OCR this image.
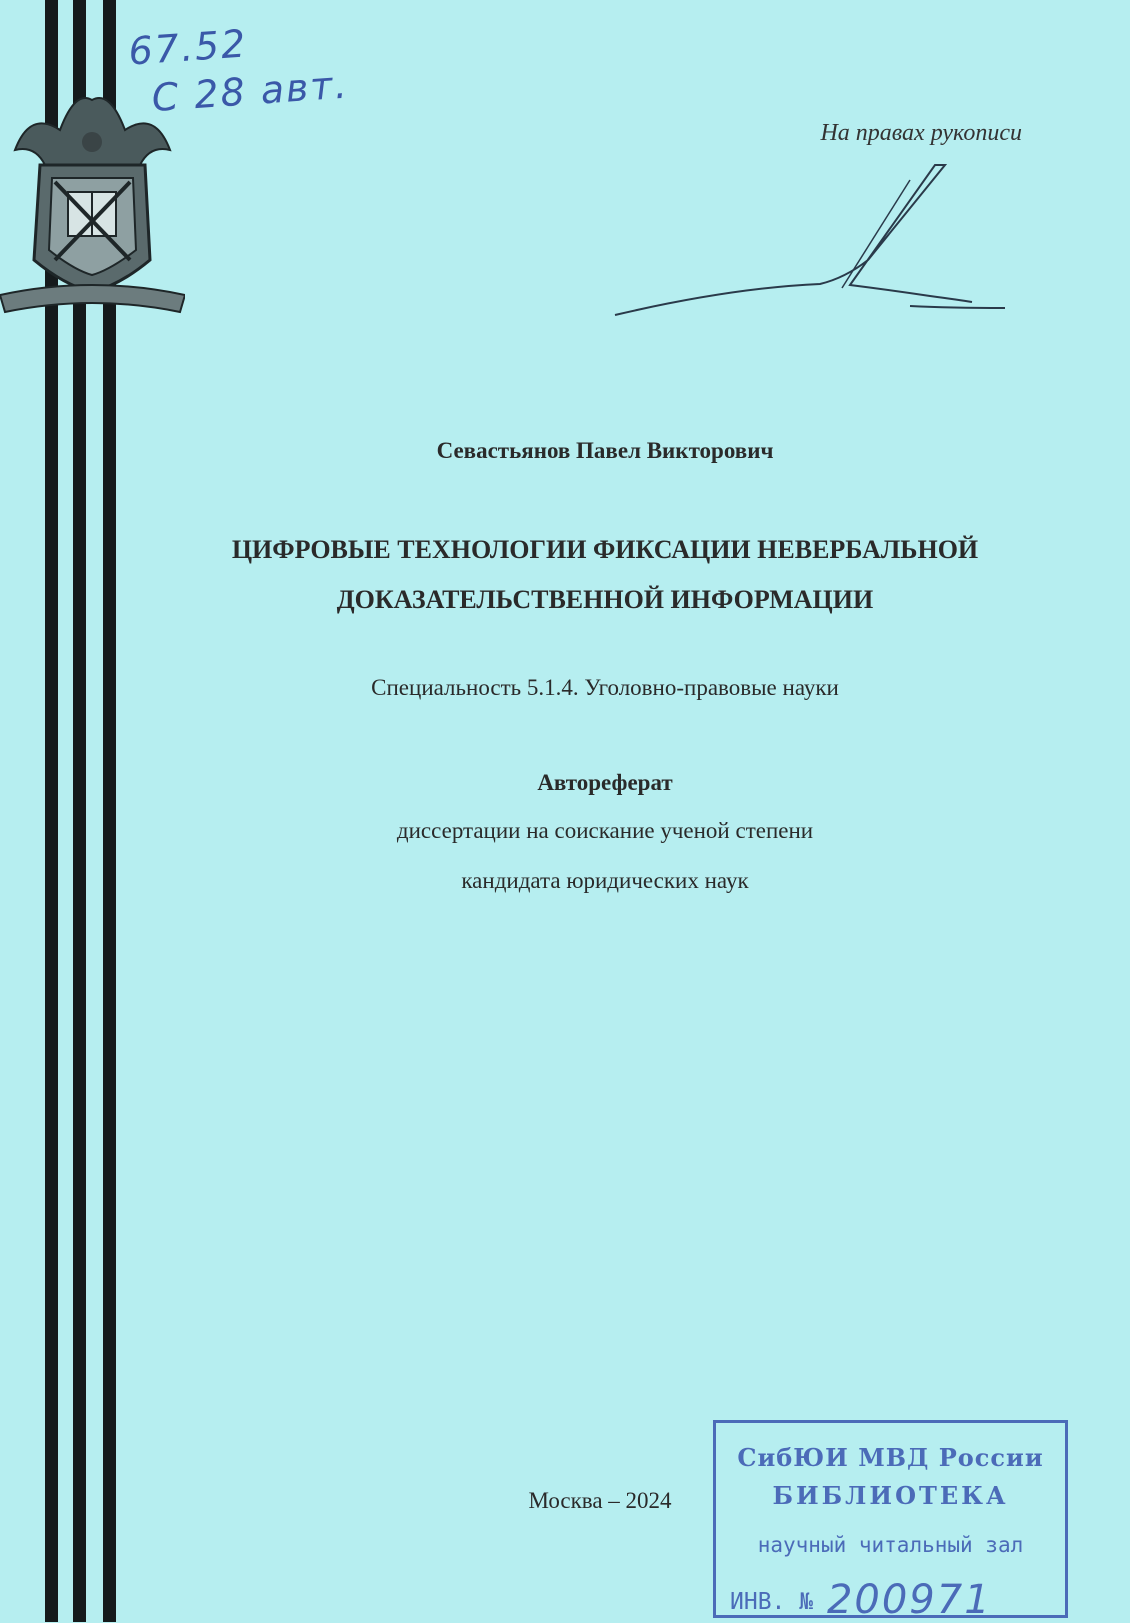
67.52
С 28 авт.
На правах рукописи
Севастьянов Павел Викторович
ЦИФРОВЫЕ ТЕХНОЛОГИИ ФИКСАЦИИ НЕВЕРБАЛЬНОЙ
ДОКАЗАТЕЛЬСТВЕННОЙ ИНФОРМАЦИИ
Специальность 5.1.4. Уголовно-правовые науки
Автореферат
диссертации на соискание ученой степени
кандидата юридических наук
Москва – 2024
СибЮИ МВД России
БИБЛИОТЕКА
научный читальный зал
ИНВ. № 200971
